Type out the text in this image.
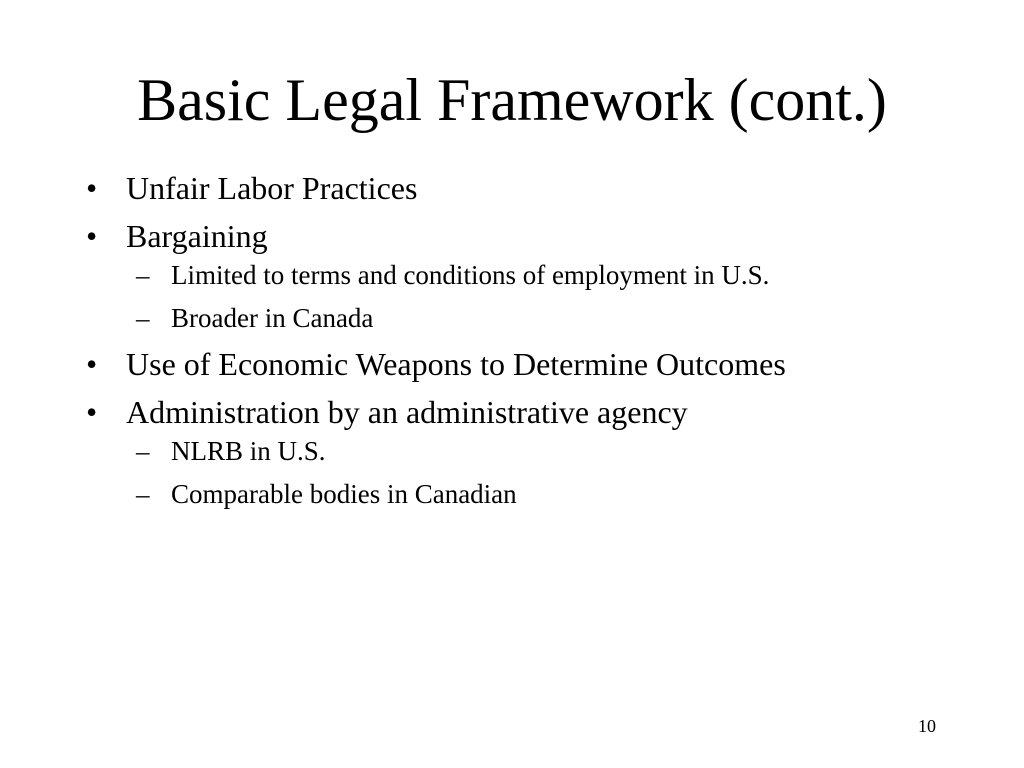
Basic Legal Framework (cont.)
• Unfair Labor Practices
• Bargaining
– Limited to terms and conditions of employment in U.S.
– Broader in Canada
• Use of Economic Weapons to Determine Outcomes
• Administration by an administrative agency
– NLRB in U.S.
– Comparable bodies in Canadian
10
